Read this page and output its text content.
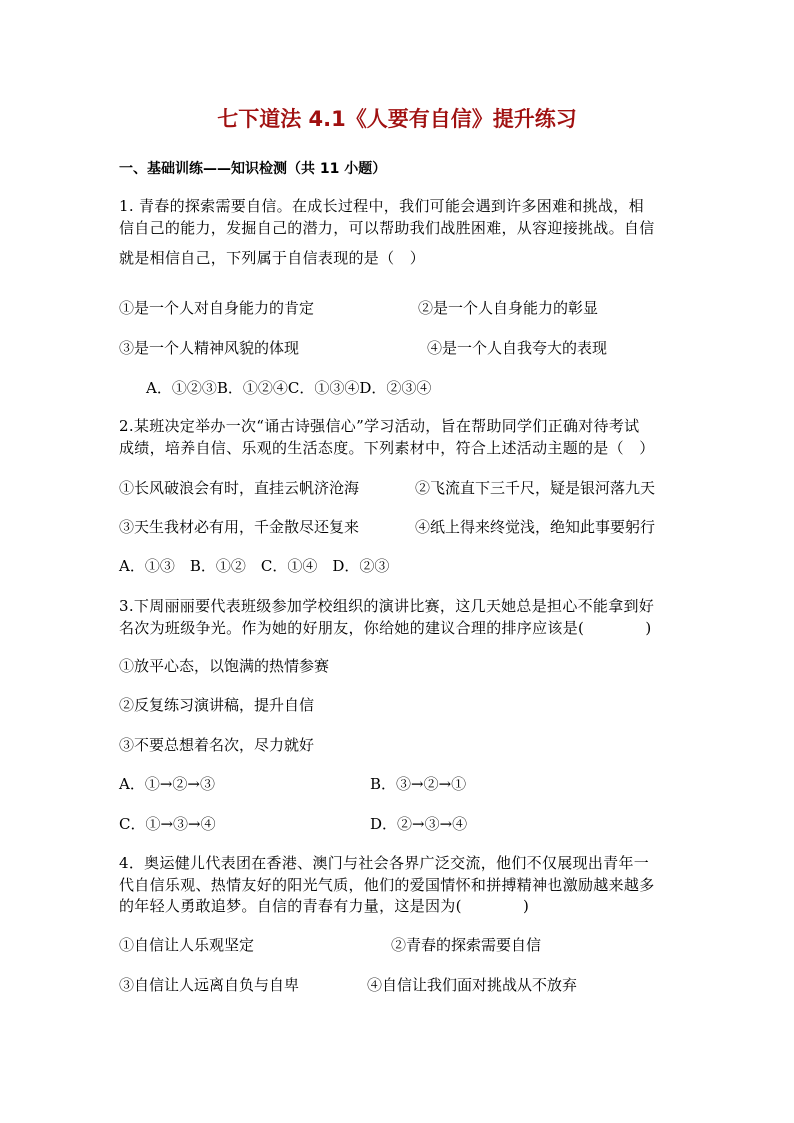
七下道法 4.1《人要有自信》提升练习
一、基础训练——知识检测（共 11 小题）
1. 青春的探索需要自信。在成长过程中，我们可能会遇到许多困难和挑战，相
信自己的能力，发掘自己的潜力，可以帮助我们战胜困难，从容迎接挑战。自信
就是相信自己，下列属于自信表现的是（　）
①是一个人对自身能力的肯定	②是一个人自身能力的彰显
③是一个人精神风貌的体现	④是一个人自我夸大的表现
A．①②③B．①②④C．①③④D．②③④
2.某班决定举办一次“诵古诗强信心”学习活动，旨在帮助同学们正确对待考试
成绩，培养自信、乐观的生活态度。下列素材中，符合上述活动主题的是（　）
①长风破浪会有时，直挂云帆济沧海	②飞流直下三千尺，疑是银河落九天
③天生我材必有用，千金散尽还复来	④纸上得来终觉浅，绝知此事要躬行
A．①③　B．①②　C．①④　D．②③
3.下周丽丽要代表班级参加学校组织的演讲比赛，这几天她总是担心不能拿到好
名次为班级争光。作为她的好朋友，你给她的建议合理的排序应该是(　　　　)
①放平心态，以饱满的热情参赛
②反复练习演讲稿，提升自信
③不要总想着名次，尽力就好
A．①→②→③	B．③→②→①
C．①→③→④	D．②→③→④
4．奥运健儿代表团在香港、澳门与社会各界广泛交流，他们不仅展现出青年一
代自信乐观、热情友好的阳光气质，他们的爱国情怀和拼搏精神也激励越来越多
的年轻人勇敢追梦。自信的青春有力量，这是因为(　　　　)
①自信让人乐观坚定	②青春的探索需要自信
③自信让人远离自负与自卑	④自信让我们面对挑战从不放弃
